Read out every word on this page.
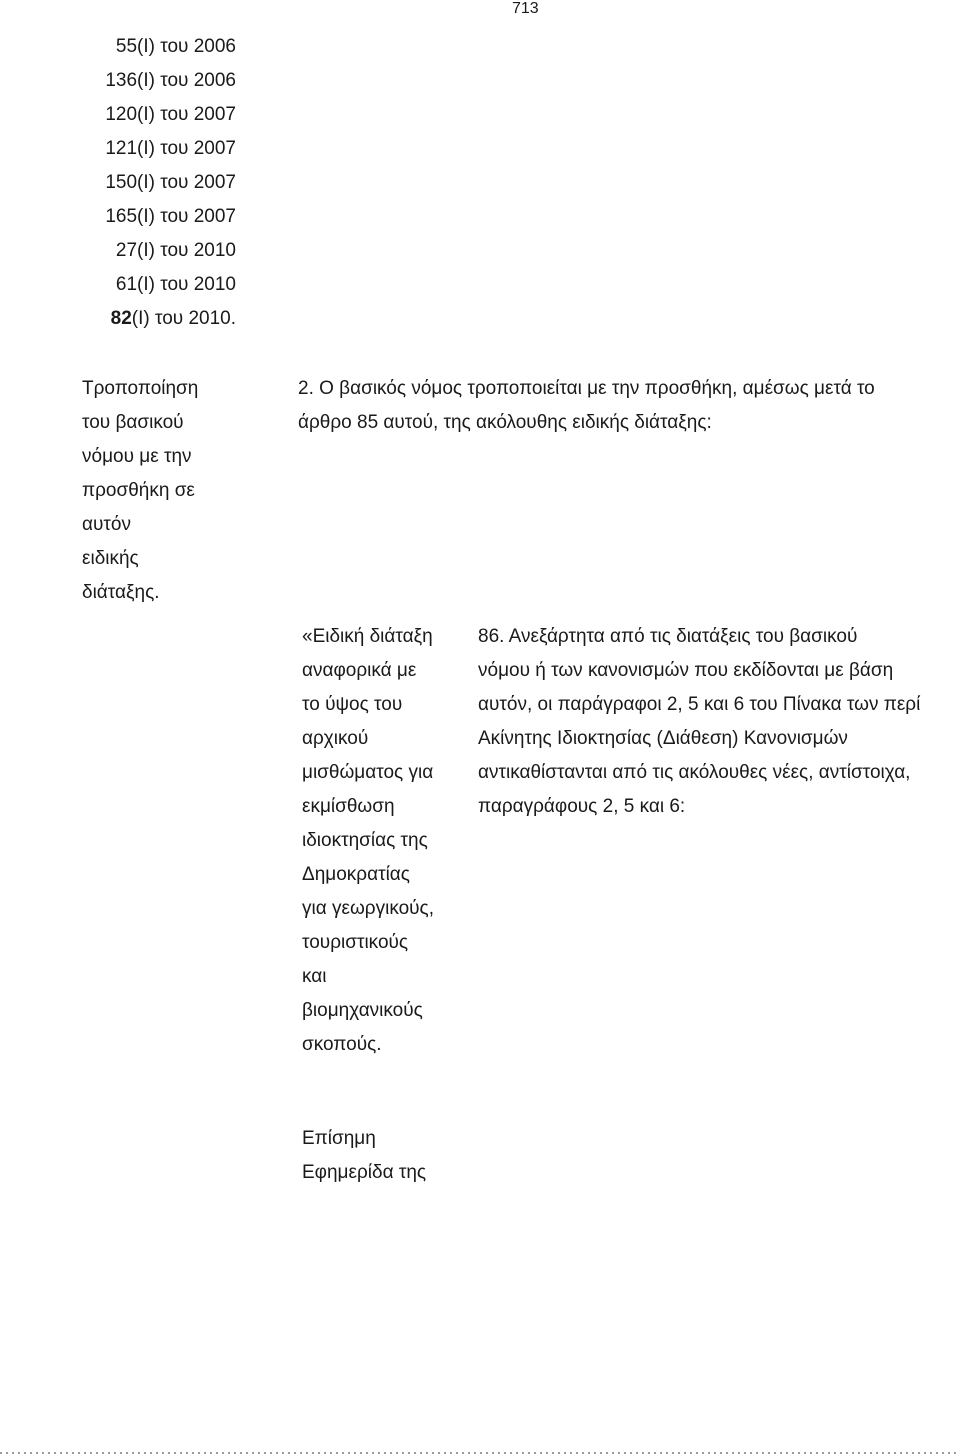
713
55(I) του 2006
136(I) του 2006
120(I) του 2007
121(I) του 2007
150(I) του 2007
165(I) του 2007
27(I) του 2010
61(I) του 2010
82(I) του 2010.
Τροποποίηση
του βασικού
νόμου με την
προσθήκη σε
αυτόν
ειδικής
διάταξης.
2. Ο βασικός νόμος τροποποιείται με την προσθήκη, αμέσως μετά το
άρθρο 85 αυτού, της ακόλουθης ειδικής διάταξης:
«Ειδική διάταξη
αναφορικά με
το ύψος του
αρχικού
μισθώματος για
εκμίσθωση
ιδιοκτησίας της
Δημοκρατίας
για γεωργικούς,
τουριστικούς
και
βιομηχανικούς
σκοπούς.
86. Ανεξάρτητα από τις διατάξεις του βασικού
νόμου ή των κανονισμών που εκδίδονται με βάση
αυτόν, οι παράγραφοι 2, 5 και 6 του Πίνακα των περί
Ακίνητης Ιδιοκτησίας (Διάθεση) Κανονισμών
αντικαθίστανται από τις ακόλουθες νέες, αντίστοιχα,
παραγράφους 2, 5 και 6:
Επίσημη
Εφημερίδα της
